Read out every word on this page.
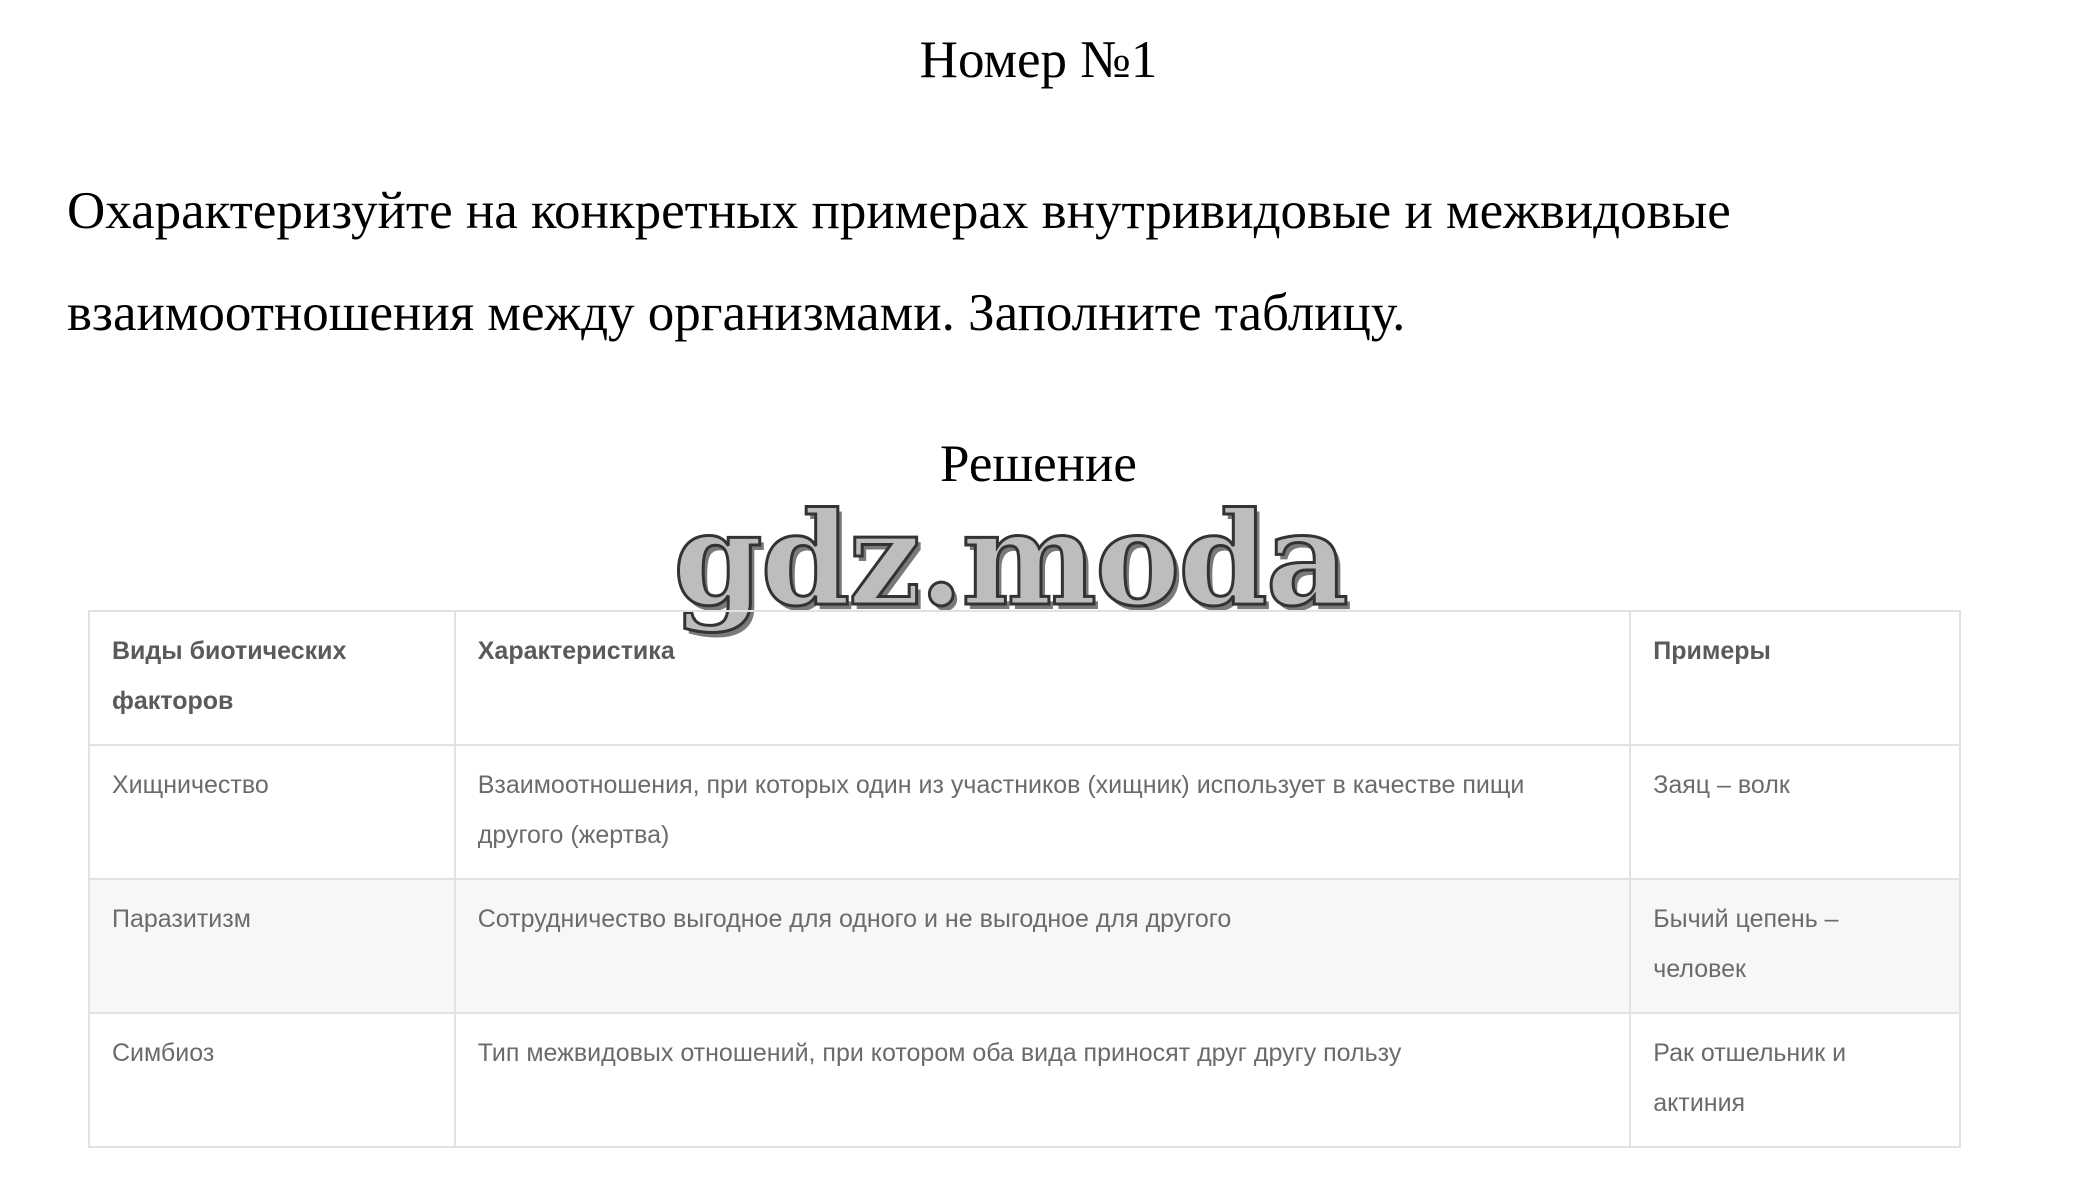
Номер №1
Охарактеризуйте на конкретных примерах внутривидовые и межвидовые взаимоотношения между организмами. Заполните таблицу.
Решение
gdz.moda
Виды биотических факторов	Характеристика	Примеры
Хищничество	Взаимоотношения, при которых один из участников (хищник) использует в качестве пищи другого (жертва)	Заяц – волк
Паразитизм	Сотрудничество выгодное для одного и не выгодное для другого	Бычий цепень – человек
Симбиоз	Тип межвидовых отношений, при котором оба вида приносят друг другу пользу	Рак отшельник и актиния
